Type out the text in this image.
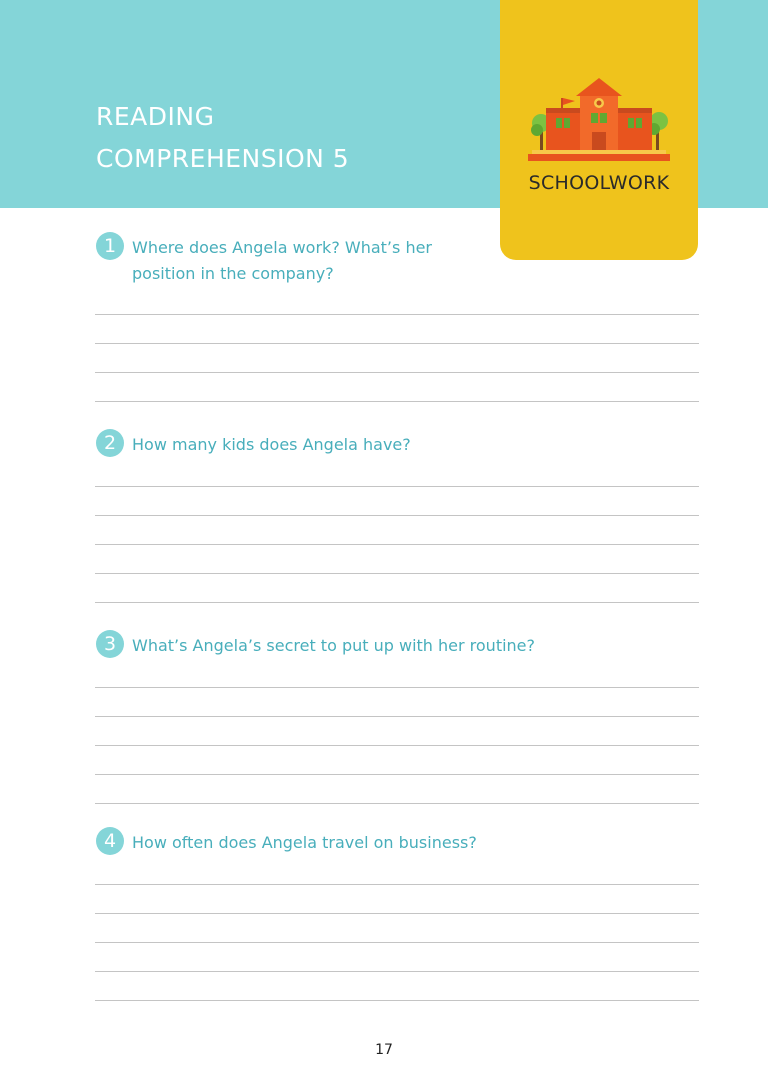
READING
COMPREHENSION 5
SCHOOLWORK
1 Where does Angela work? What’s her
position in the company?

2 How many kids does Angela have?

3 What’s Angela’s secret to put up with her routine?

4 How often does Angela travel on business?

17
